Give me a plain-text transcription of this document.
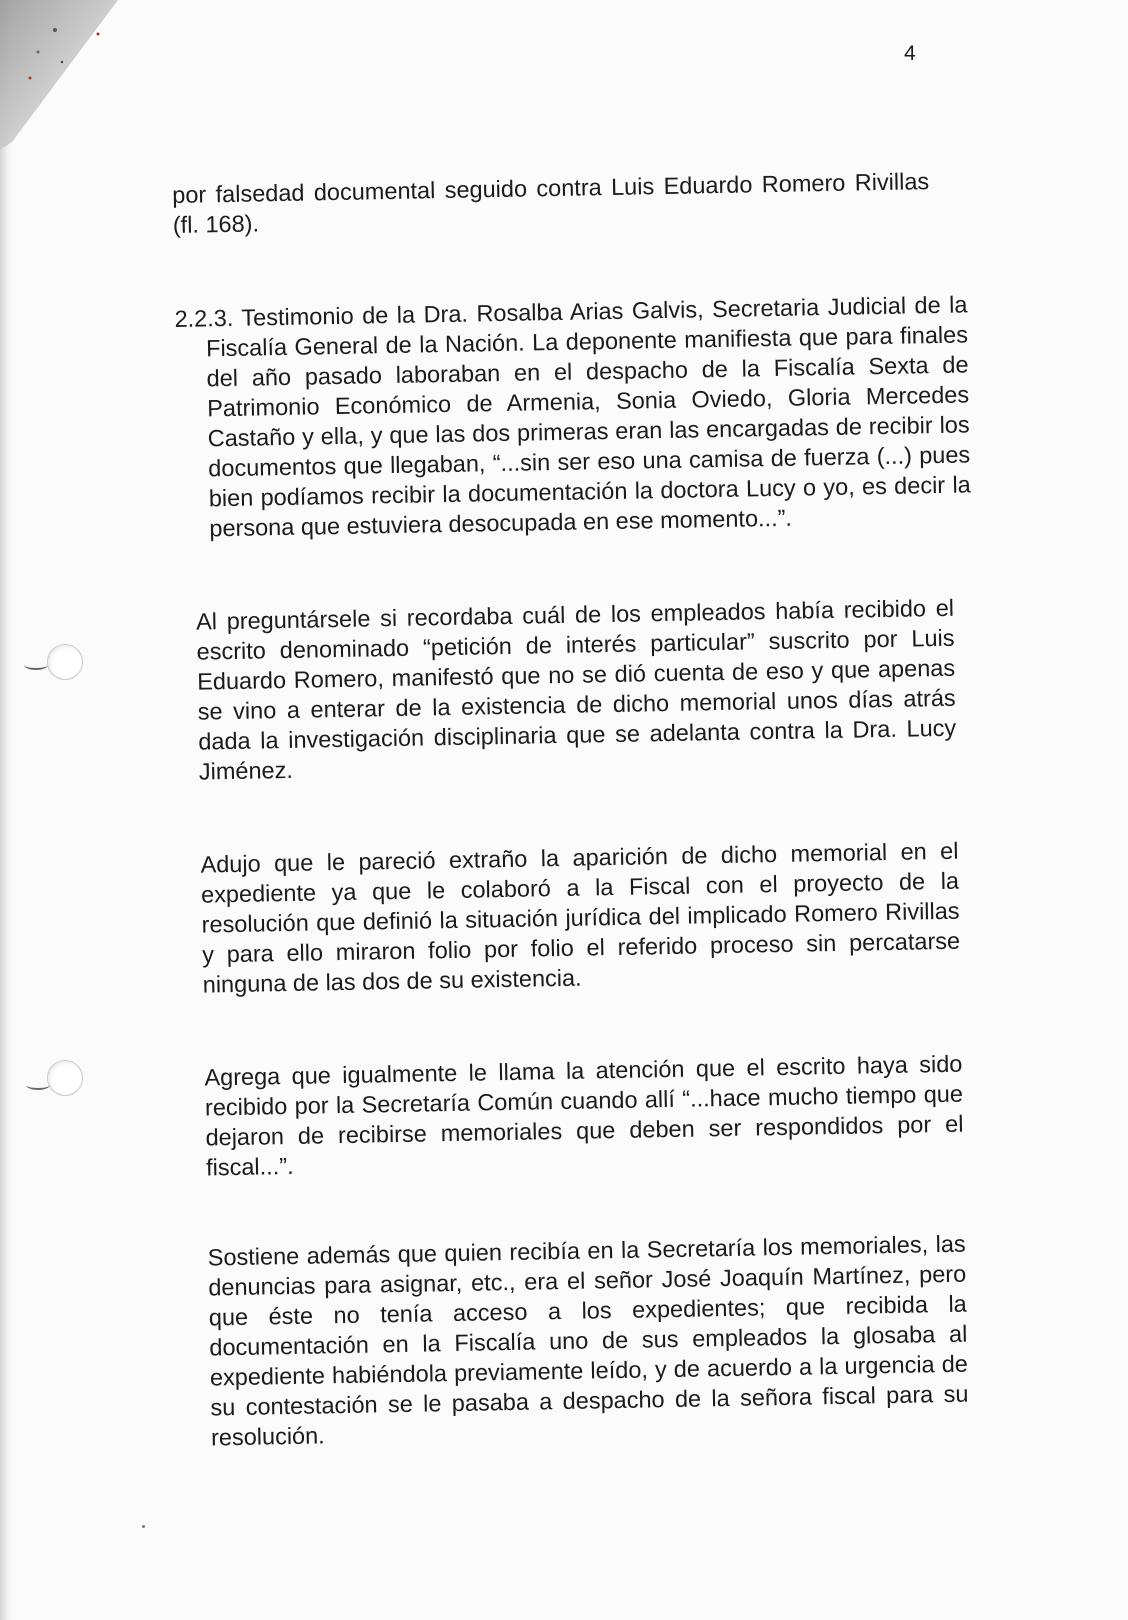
4

por falsedad documental seguido contra Luis Eduardo Romero Rivillas (fl. 168).

2.2.3. Testimonio de la Dra. Rosalba Arias Galvis, Secretaria Judicial de la Fiscalía General de la Nación. La deponente manifiesta que para finales del año pasado laboraban en el despacho de la Fiscalía Sexta de Patrimonio Económico de Armenia, Sonia Oviedo, Gloria Mercedes Castaño y ella, y que las dos primeras eran las encargadas de recibir los documentos que llegaban, “...sin ser eso una camisa de fuerza (...) pues bien podíamos recibir la documentación la doctora Lucy o yo, es decir la persona que estuviera desocupada en ese momento...”.

Al preguntársele si recordaba cuál de los empleados había recibido el escrito denominado “petición de interés particular” suscrito por Luis Eduardo Romero, manifestó que no se dió cuenta de eso y que apenas se vino a enterar de la existencia de dicho memorial unos días atrás dada la investigación disciplinaria que se adelanta contra la Dra. Lucy Jiménez.

Adujo que le pareció extraño la aparición de dicho memorial en el expediente ya que le colaboró a la Fiscal con el proyecto de la resolución que definió la situación jurídica del implicado Romero Rivillas y para ello miraron folio por folio el referido proceso sin percatarse ninguna de las dos de su existencia.

Agrega que igualmente le llama la atención que el escrito haya sido recibido por la Secretaría Común cuando allí “...hace mucho tiempo que dejaron de recibirse memoriales que deben ser respondidos por el fiscal...”.

Sostiene además que quien recibía en la Secretaría los memoriales, las denuncias para asignar, etc., era el señor José Joaquín Martínez, pero que éste no tenía acceso a los expedientes; que recibida la documentación en la Fiscalía uno de sus empleados la glosaba al expediente habiéndola previamente leído, y de acuerdo a la urgencia de su contestación se le pasaba a despacho de la señora fiscal para su resolución.
